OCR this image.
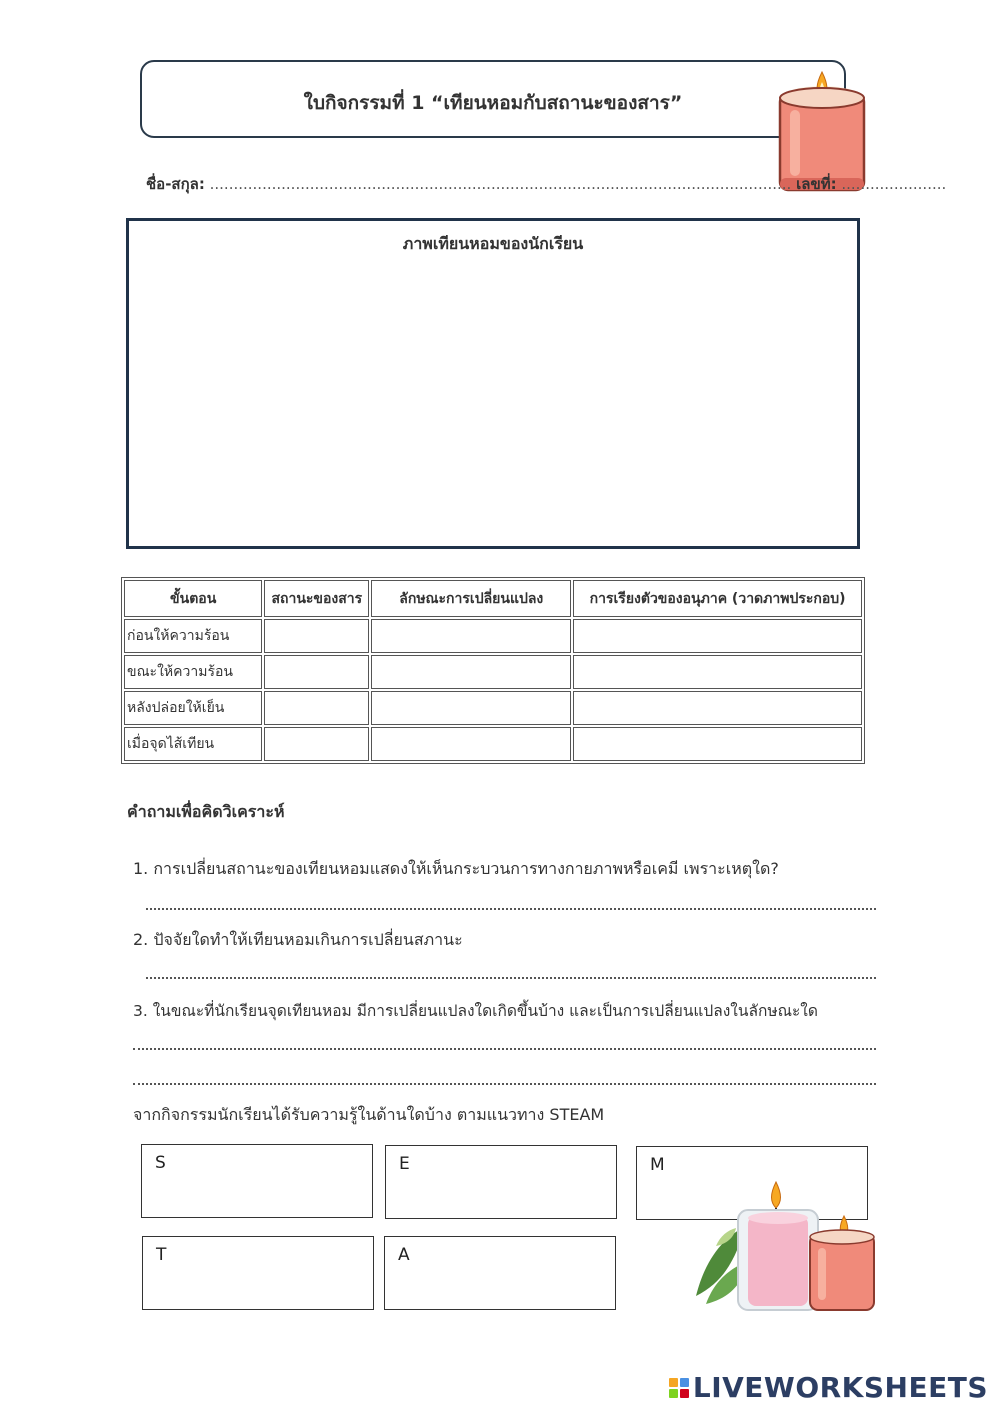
ใบกิจกรรมที่ 1 “เทียนหอมกับสถานะของสาร”
ชื่อ-สกุล: .......................................................................................................................... เลขที่: ......................
ภาพเทียนหอมของนักเรียน
ขั้นตอน	สถานะของสาร	ลักษณะการเปลี่ยนแปลง	การเรียงตัวของอนุภาค (วาดภาพประกอบ)
ก่อนให้ความร้อน			
ขณะให้ความร้อน			
หลังปล่อยให้เย็น			
เมื่อจุดไส้เทียน			
คำถามเพื่อคิดวิเคราะห์
1. การเปลี่ยนสถานะของเทียนหอมแสดงให้เห็นกระบวนการทางกายภาพหรือเคมี เพราะเหตุใด?
2. ปัจจัยใดทำให้เทียนหอมเกินการเปลี่ยนสภานะ
3. ในขณะที่นักเรียนจุดเทียนหอม มีการเปลี่ยนแปลงใดเกิดขึ้นบ้าง และเป็นการเปลี่ยนแปลงในลักษณะใด
จากกิจกรรมนักเรียนได้รับความรู้ในด้านใดบ้าง ตามแนวทาง STEAM
S	E	M
T	A
LIVEWORKSHEETS
